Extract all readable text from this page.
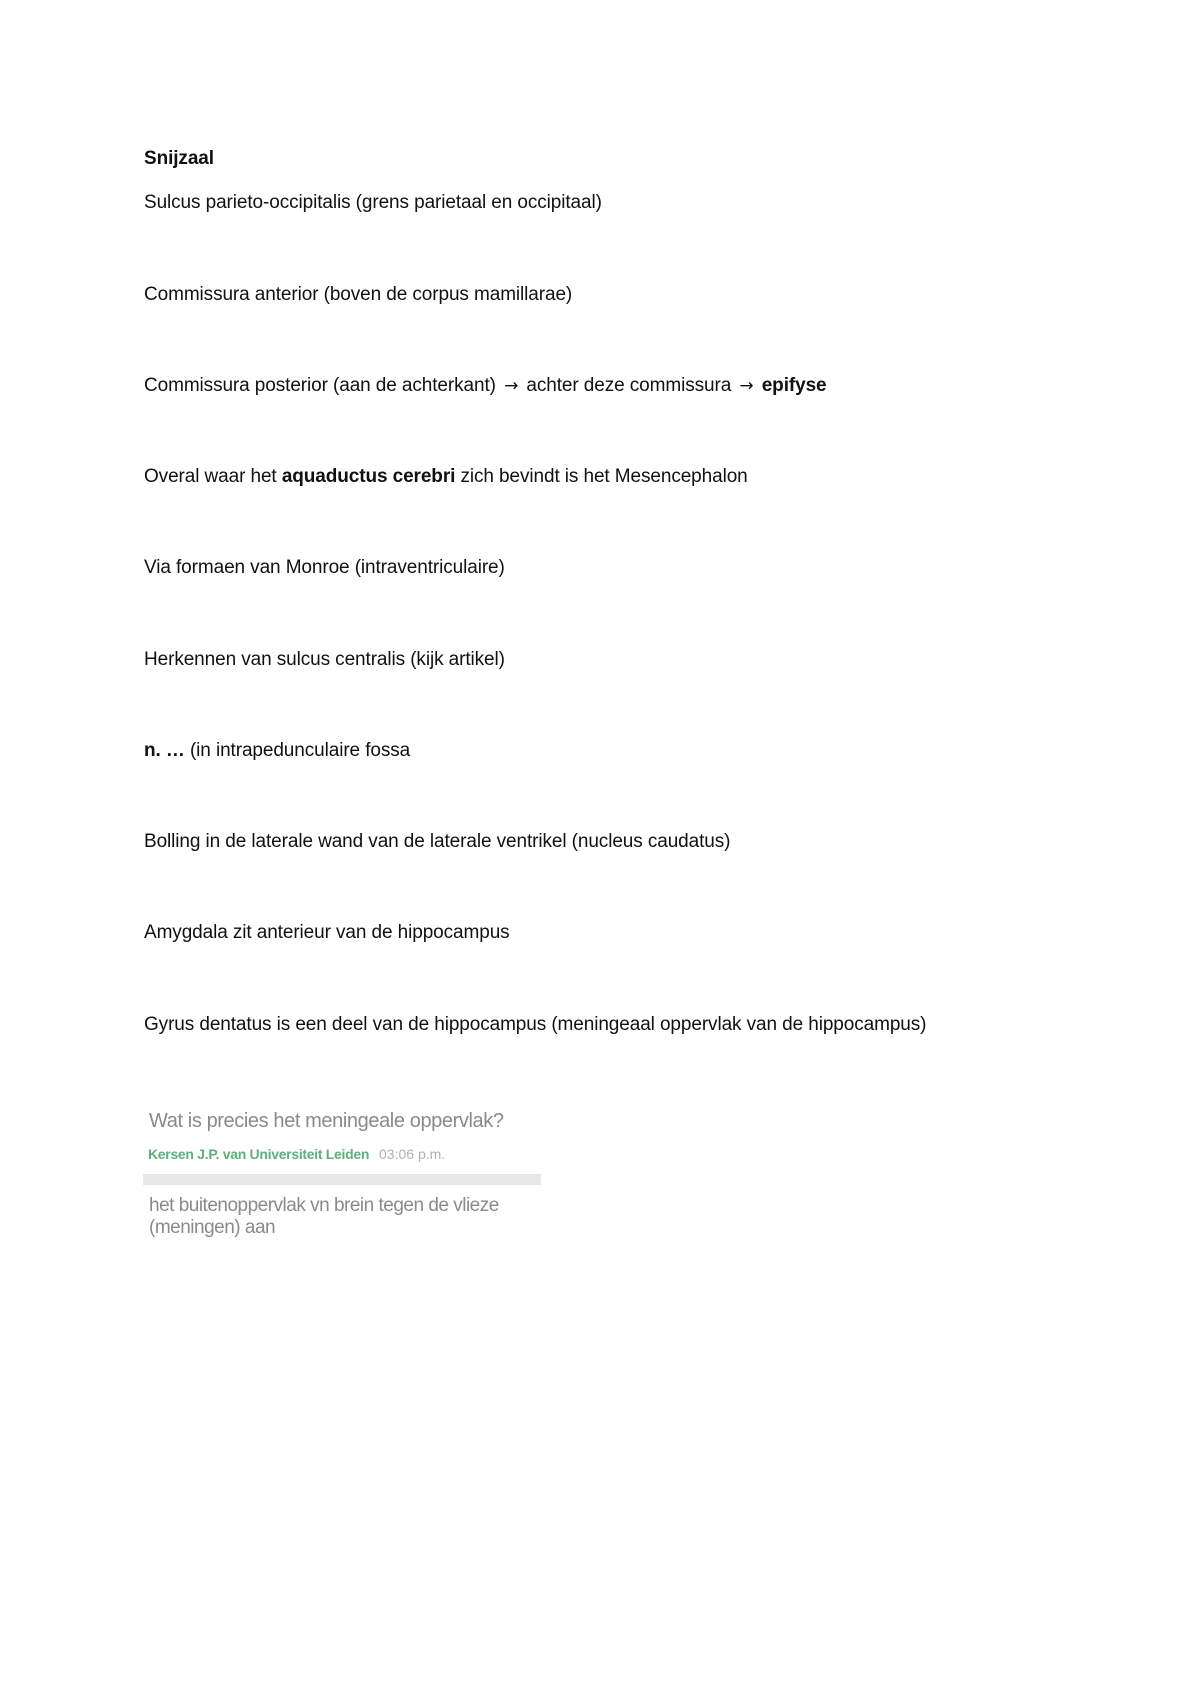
Snijzaal
Sulcus parieto-occipitalis (grens parietaal en occipitaal)
Commissura anterior (boven de corpus mamillarae)
Commissura posterior (aan de achterkant) → achter deze commissura → epifyse
Overal waar het aquaductus cerebri zich bevindt is het Mesencephalon
Via formaen van Monroe (intraventriculaire)
Herkennen van sulcus centralis (kijk artikel)
n. … (in intrapedunculaire fossa
Bolling in de laterale wand van de laterale ventrikel (nucleus caudatus)
Amygdala zit anterieur van de hippocampus
Gyrus dentatus is een deel van de hippocampus (meningeaal oppervlak van de hippocampus)
Wat is precies het meningeale oppervlak?
Kersen J.P. van Universiteit Leiden 03:06 p.m.
het buitenoppervlak vn brein tegen de vlieze (meningen) aan
